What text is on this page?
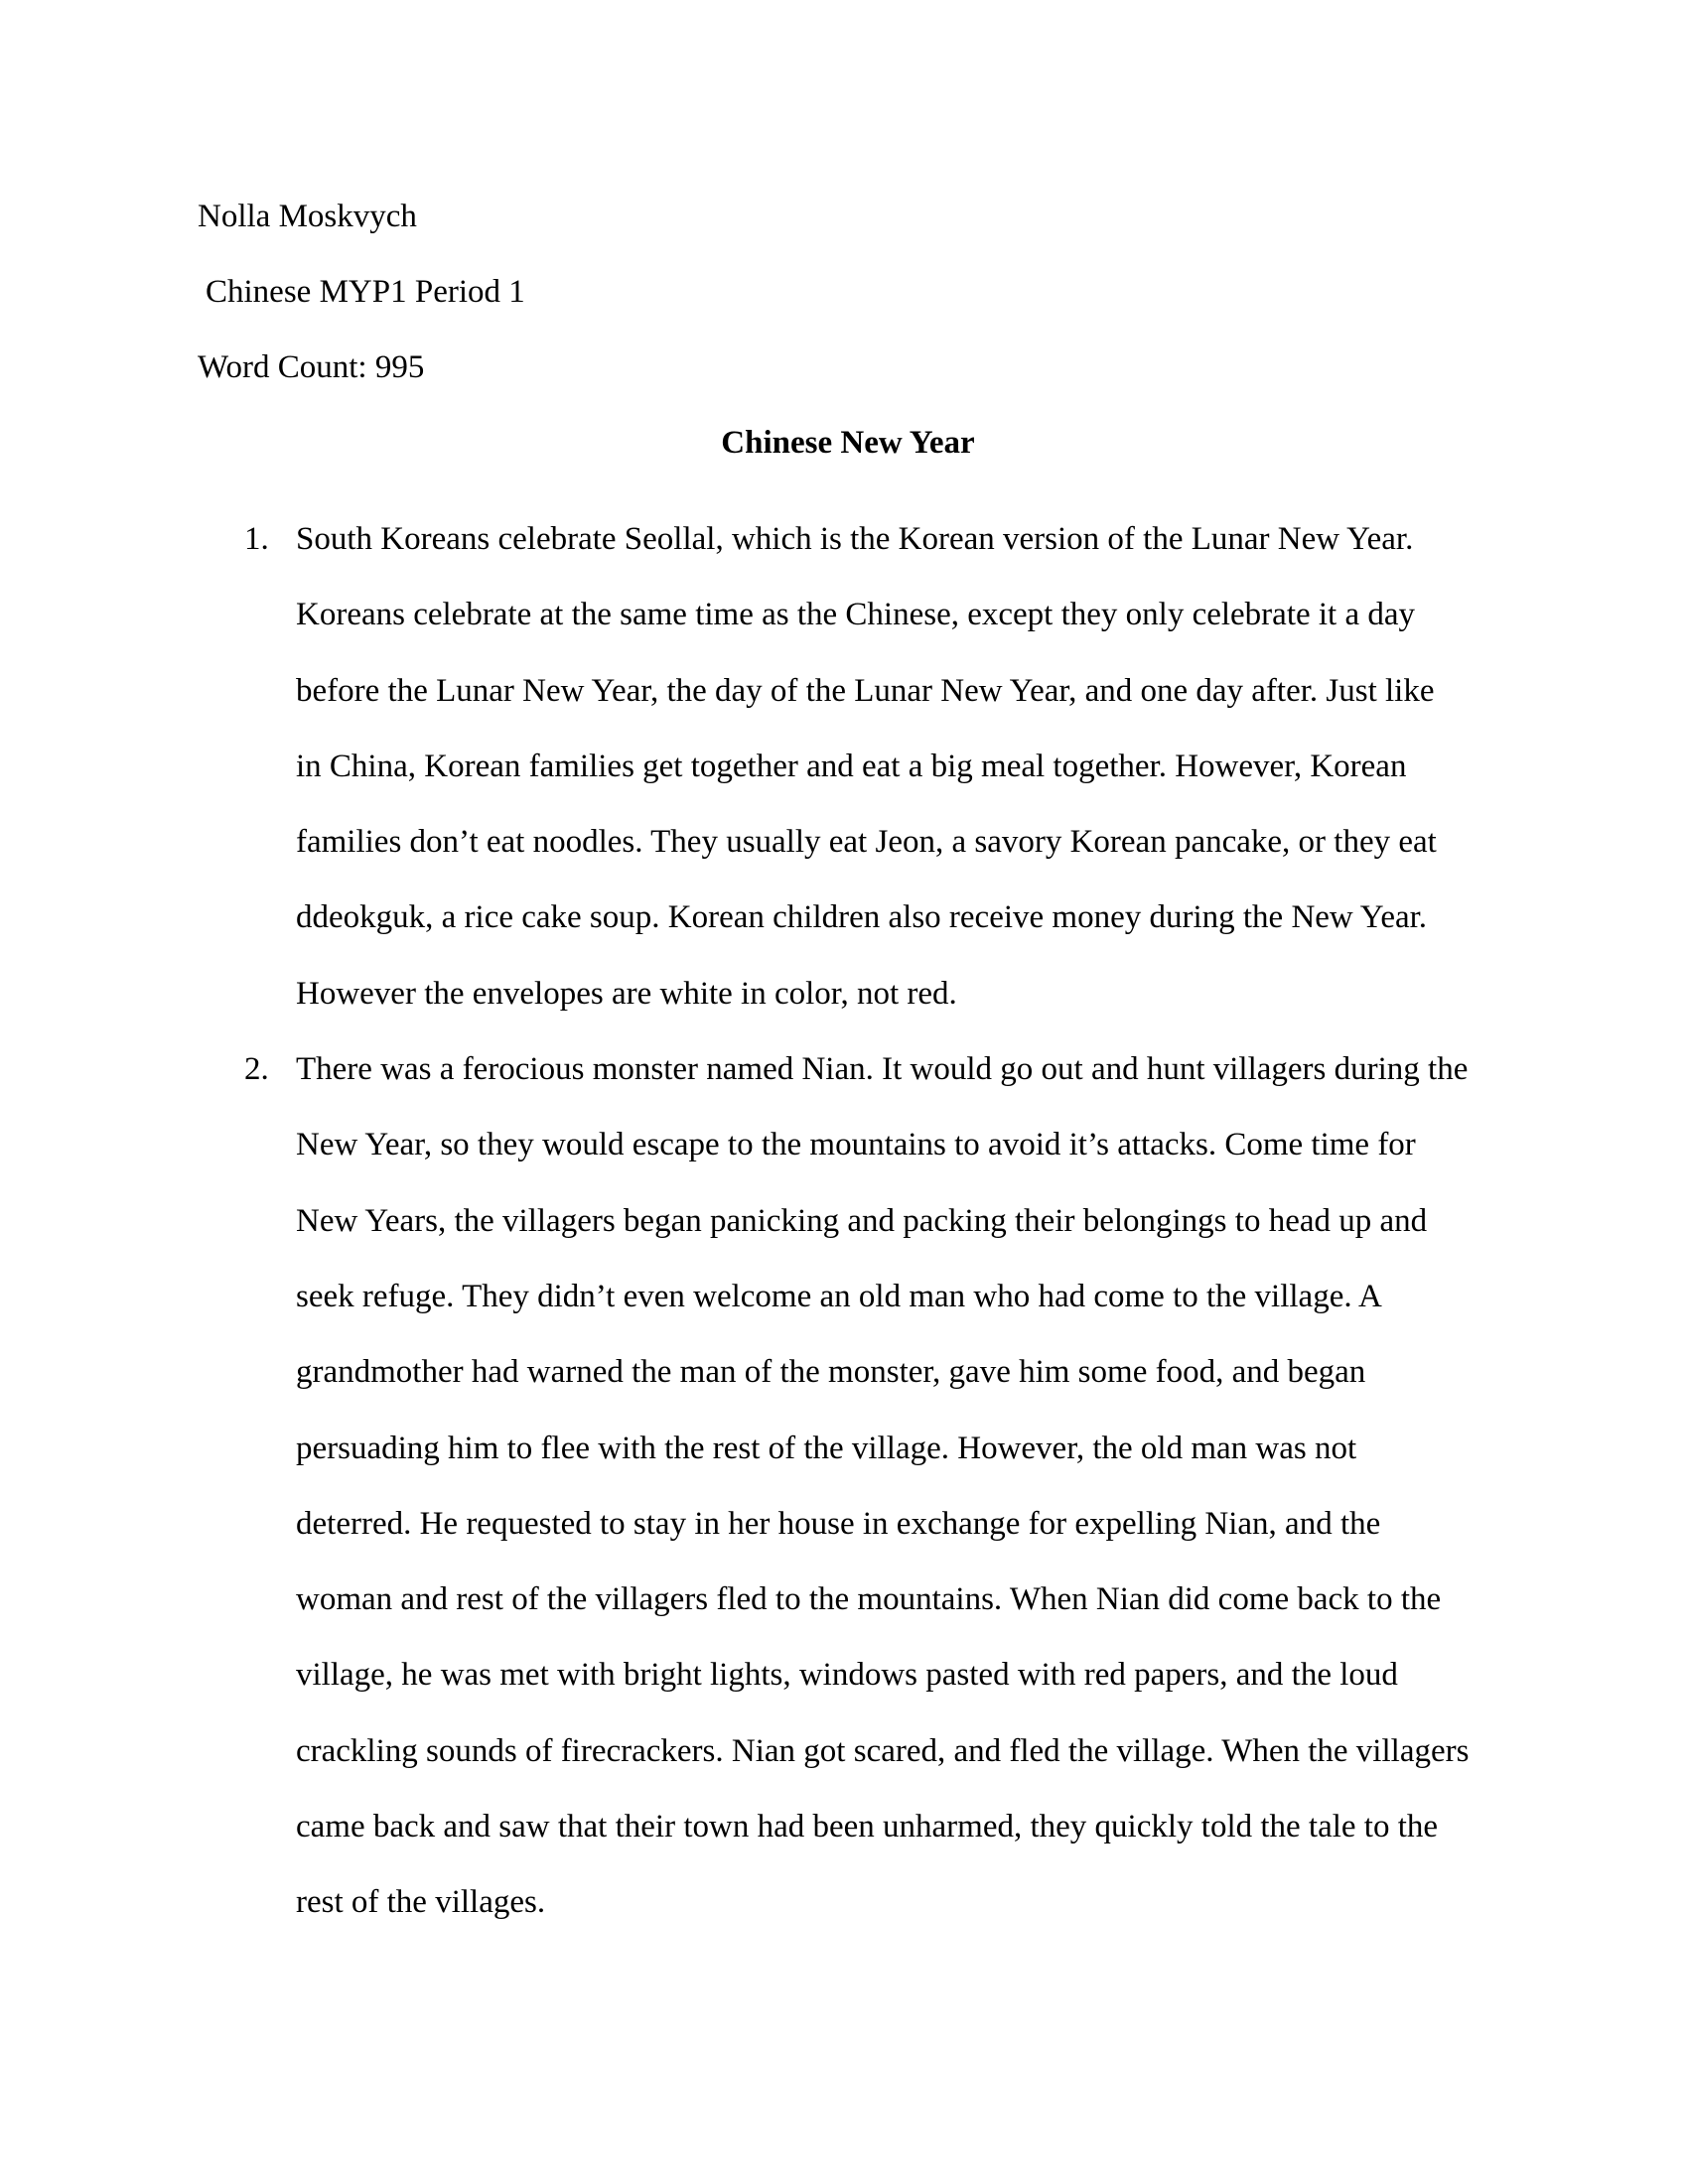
Nolla Moskvych
Chinese MYP1 Period 1
Word Count: 995
Chinese New Year
1. South Koreans celebrate Seollal, which is the Korean version of the Lunar New Year.
Koreans celebrate at the same time as the Chinese, except they only celebrate it a day
before the Lunar New Year, the day of the Lunar New Year, and one day after. Just like
in China, Korean families get together and eat a big meal together. However, Korean
families don’t eat noodles. They usually eat Jeon, a savory Korean pancake, or they eat
ddeokguk, a rice cake soup. Korean children also receive money during the New Year.
However the envelopes are white in color, not red.
2. There was a ferocious monster named Nian. It would go out and hunt villagers during the
New Year, so they would escape to the mountains to avoid it’s attacks. Come time for
New Years, the villagers began panicking and packing their belongings to head up and
seek refuge. They didn’t even welcome an old man who had come to the village. A
grandmother had warned the man of the monster, gave him some food, and began
persuading him to flee with the rest of the village. However, the old man was not
deterred. He requested to stay in her house in exchange for expelling Nian, and the
woman and rest of the villagers fled to the mountains. When Nian did come back to the
village, he was met with bright lights, windows pasted with red papers, and the loud
crackling sounds of firecrackers. Nian got scared, and fled the village. When the villagers
came back and saw that their town had been unharmed, they quickly told the tale to the
rest of the villages.
